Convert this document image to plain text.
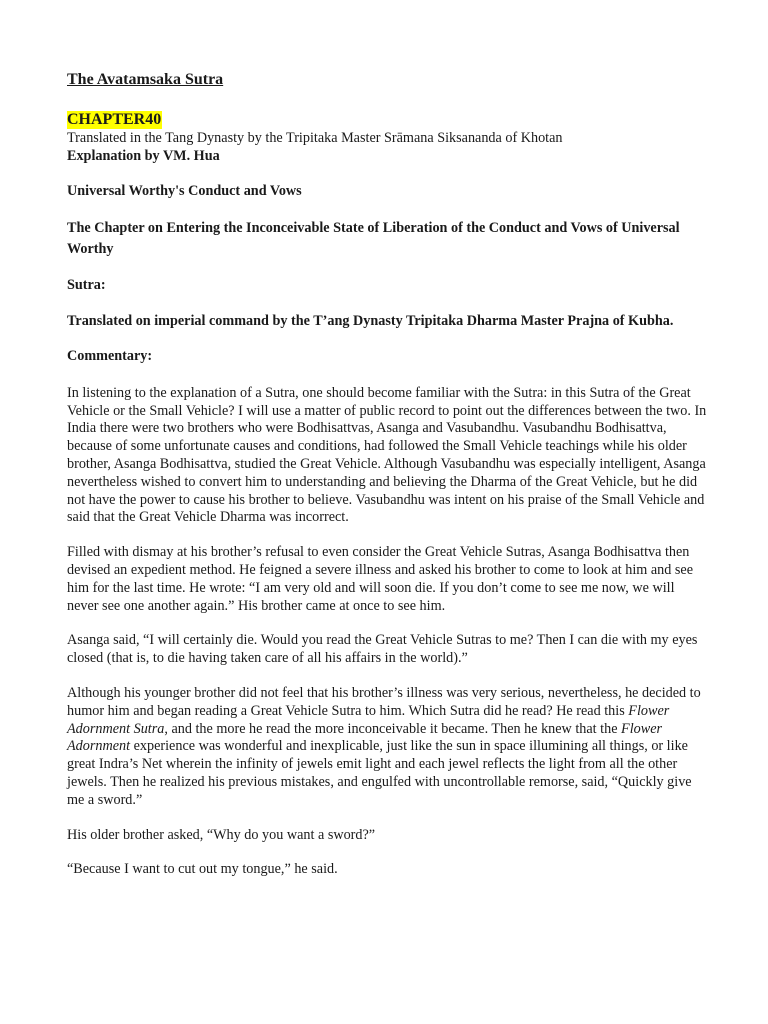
The Avatamsaka Sutra

CHAPTER40

Translated in the Tang Dynasty by the Tripitaka Master Srāmana Siksananda of Khotan

Explanation by VM. Hua

Universal Worthy's Conduct and Vows

The Chapter on Entering the Inconceivable State of Liberation of the Conduct and Vows of Universal Worthy

Sutra:

Translated on imperial command by the T’ang Dynasty Tripitaka Dharma Master Prajna of Kubha.

Commentary:

In listening to the explanation of a Sutra, one should become familiar with the Sutra: in this Sutra of the Great Vehicle or the Small Vehicle? I will use a matter of public record to point out the differences between the two. In India there were two brothers who were Bodhisattvas, Asanga and Vasubandhu. Vasubandhu Bodhisattva, because of some unfortunate causes and conditions, had followed the Small Vehicle teachings while his older brother, Asanga Bodhisattva, studied the Great Vehicle. Although Vasubandhu was especially intelligent, Asanga nevertheless wished to convert him to understanding and believing the Dharma of the Great Vehicle, but he did not have the power to cause his brother to believe. Vasubandhu was intent on his praise of the Small Vehicle and said that the Great Vehicle Dharma was incorrect.

Filled with dismay at his brother’s refusal to even consider the Great Vehicle Sutras, Asanga Bodhisattva then devised an expedient method. He feigned a severe illness and asked his brother to come to look at him and see him for the last time. He wrote: “I am very old and will soon die. If you don’t come to see me now, we will never see one another again.” His brother came at once to see him.

Asanga said, “I will certainly die. Would you read the Great Vehicle Sutras to me? Then I can die with my eyes closed (that is, to die having taken care of all his affairs in the world).”

Although his younger brother did not feel that his brother’s illness was very serious, nevertheless, he decided to humor him and began reading a Great Vehicle Sutra to him. Which Sutra did he read? He read this Flower Adornment Sutra, and the more he read the more inconceivable it became. Then he knew that the Flower Adornment experience was wonderful and inexplicable, just like the sun in space illumining all things, or like great Indra’s Net wherein the infinity of jewels emit light and each jewel reflects the light from all the other jewels. Then he realized his previous mistakes, and engulfed with uncontrollable remorse, said, “Quickly give me a sword.”

His older brother asked, “Why do you want a sword?”

“Because I want to cut out my tongue,” he said.
